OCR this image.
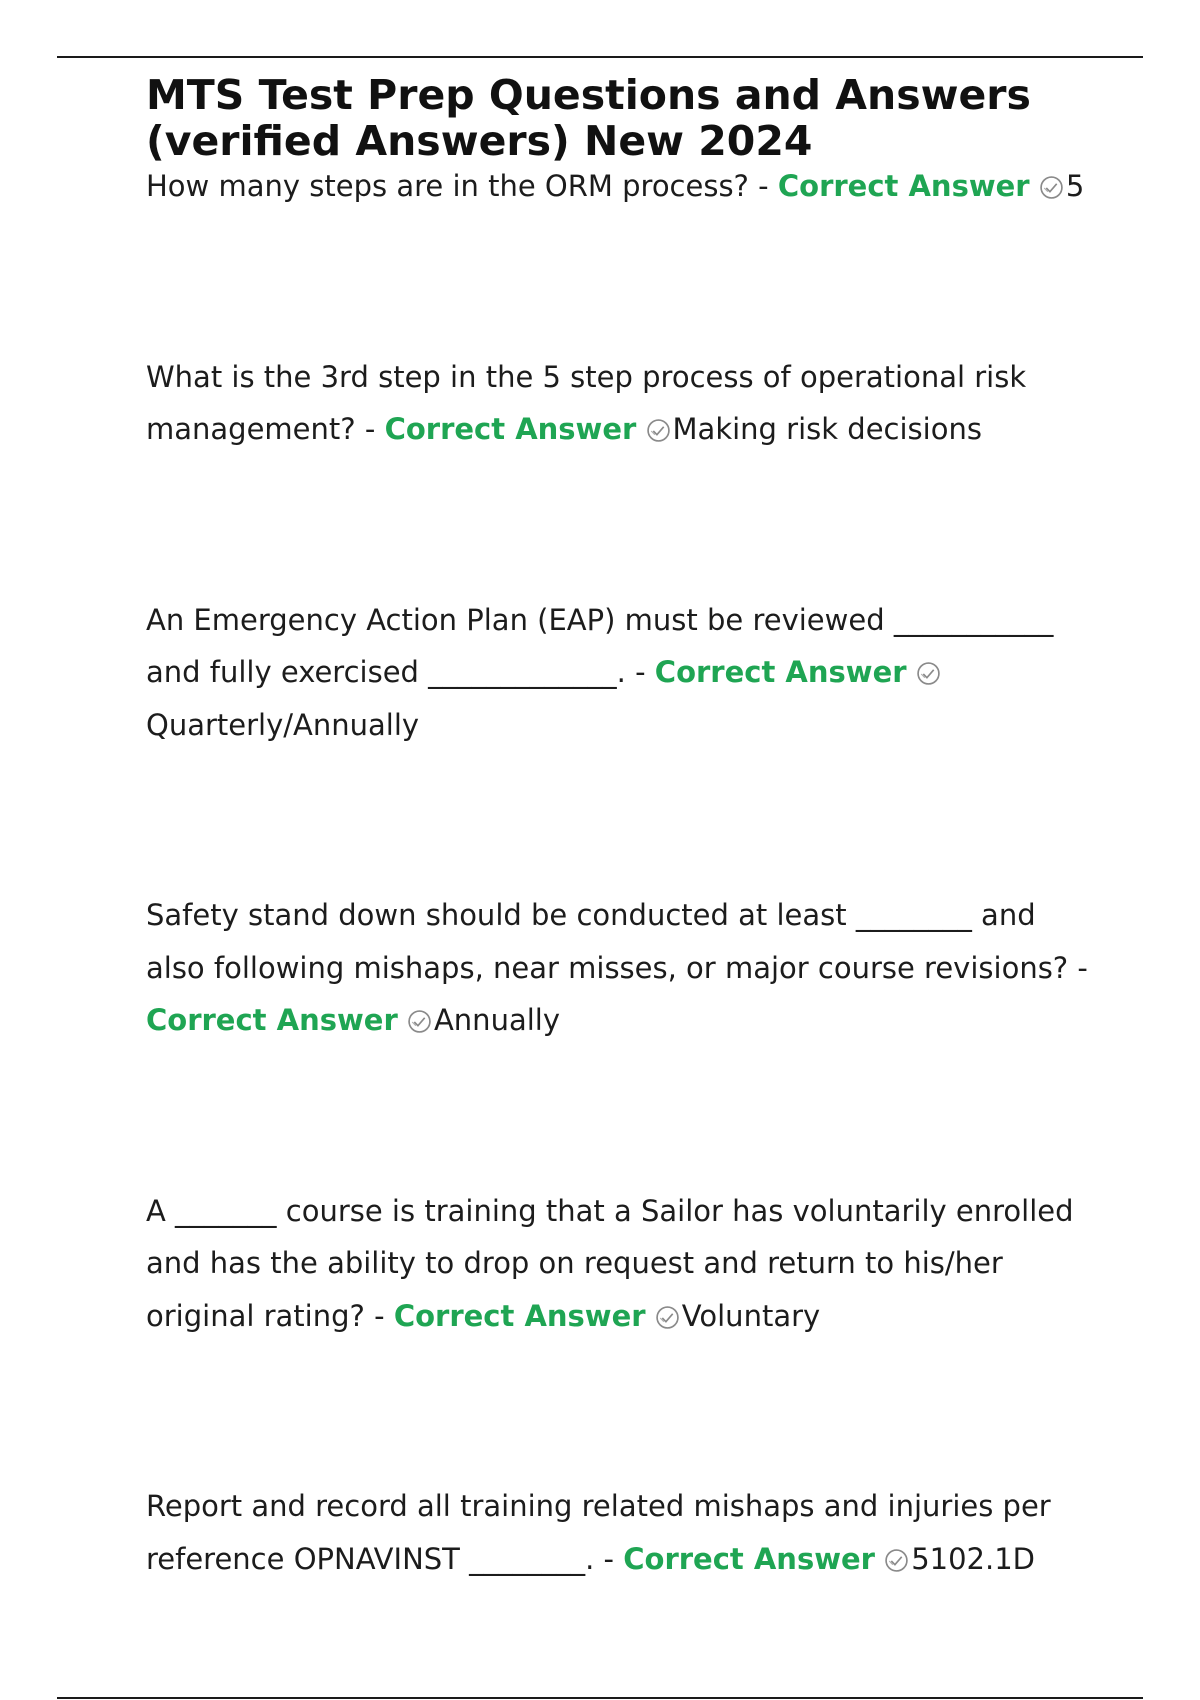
MTS Test Prep Questions and Answers (verified Answers) New 2024

How many steps are in the ORM process? - Correct Answer 5

What is the 3rd step in the 5 step process of operational risk management? - Correct Answer Making risk decisions

An Emergency Action Plan (EAP) must be reviewed ___________ and fully exercised _____________. - Correct Answer
Quarterly/Annually

Safety stand down should be conducted at least ________ and also following mishaps, near misses, or major course revisions? - Correct Answer Annually

A _______ course is training that a Sailor has voluntarily enrolled and has the ability to drop on request and return to his/her original rating? - Correct Answer Voluntary

Report and record all training related mishaps and injuries per reference OPNAVINST ________. - Correct Answer 5102.1D
